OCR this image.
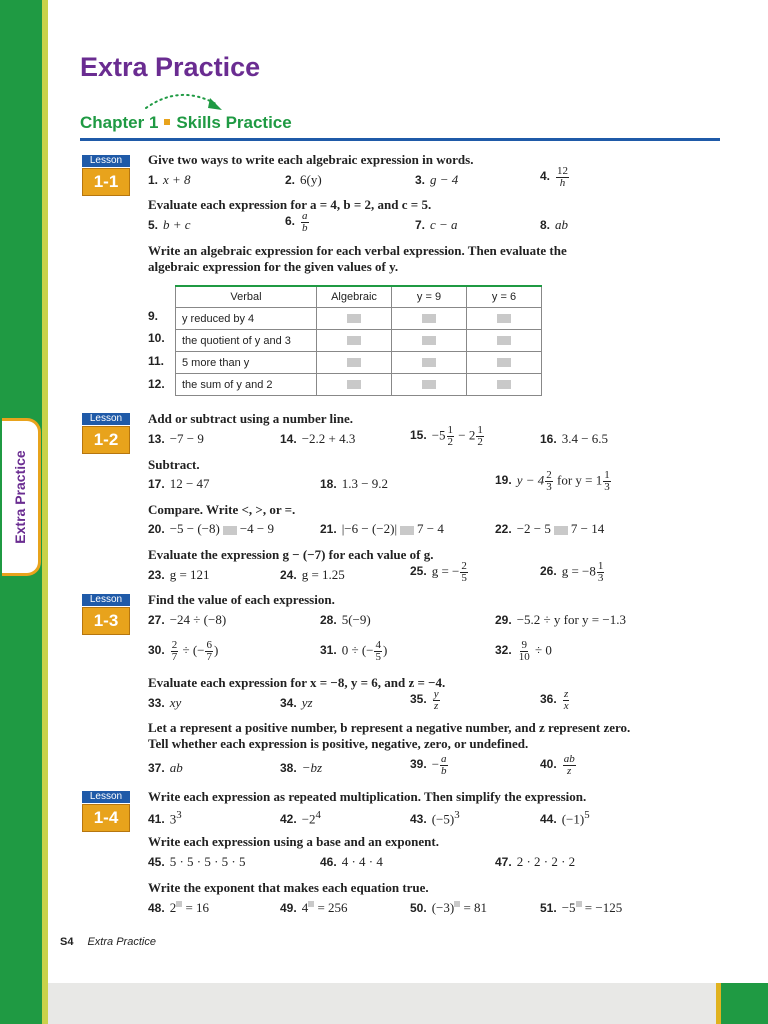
Extra Practice
Extra Practice
Chapter 1 Skills Practice
Lesson
1-1
Lesson
1-2
Lesson
1-3
Lesson
1-4
Give two ways to write each algebraic expression in words.
1. x + 8	2. 6(y)	3. g − 4	4. $\frac{12}{h}$
Evaluate each expression for a = 4, b = 2, and c = 5.
5. b + c	6. $\frac{a}{b}$	7. c − a	8. ab
Write an algebraic expression for each verbal expression. Then evaluate the algebraic expression for the given values of y.
9.
10.
11.
12.
Verbal	Algebraic	y = 9	y = 6
y reduced by 4			
the quotient of y and 3			
5 more than y			
the sum of y and 2			
Add or subtract using a number line.
13. −7 − 9	14. −2.2 + 4.3	15. $-5 \frac{1}{2} - 2 \frac{1}{2}$	16. 3.4 − 6.5
Subtract.
17. 12 − 47	18. 1.3 − 9.2	19. $y - 4 \frac{2}{3}$ for $y = 1 \frac{1}{3}$
Compare. Write <, >, or =.
20. −5 − (−8) −4 − 9	21. |−6 − (−2)| 7 − 4	22. −2 − 5 7 − 14
Evaluate the expression g − (−7) for each value of g.
23. g = 121	24. g = 1.25	25. g = − $\frac{2}{5}$	26. $g = -8 \frac{1}{3}$
Find the value of each expression.
27. −24 ÷ (−8)	28. 5(−9)	29. −5.2 ÷ y for y = −1.3
30. $\frac{2}{7}$ ÷ (− $\frac{6}{7}$ )	31. 0 ÷ (− $\frac{4}{5}$ )	32. $\frac{9}{10} \div 0$
Evaluate each expression for x = −8, y = 6, and z = −4.
33. xy	34. yz	35. $\frac{y}{z}$	36. $\frac{z}{x}$
Let a represent a positive number, b represent a negative number, and z represent zero. Tell whether each expression is positive, negative, zero, or undefined.
37. ab	38. −bz	39. − $\frac{a}{b}$	40. $\frac{ab}{z}$
Write each expression as repeated multiplication. Then simplify the expression.
41. $3^3$	42. $-2^4$	43. $(-5)^3$	44. $(-1)^5$
Write each expression using a base and an exponent.
45. 5 · 5 · 5 · 5 · 5	46. 4 · 4 · 4	47. 2 · 2 · 2 · 2
Write the exponent that makes each equation true.
48. 2 = 16	49. 4 = 256	50. (−3) = 81	51. −5 = −125
S4 Extra Practice
